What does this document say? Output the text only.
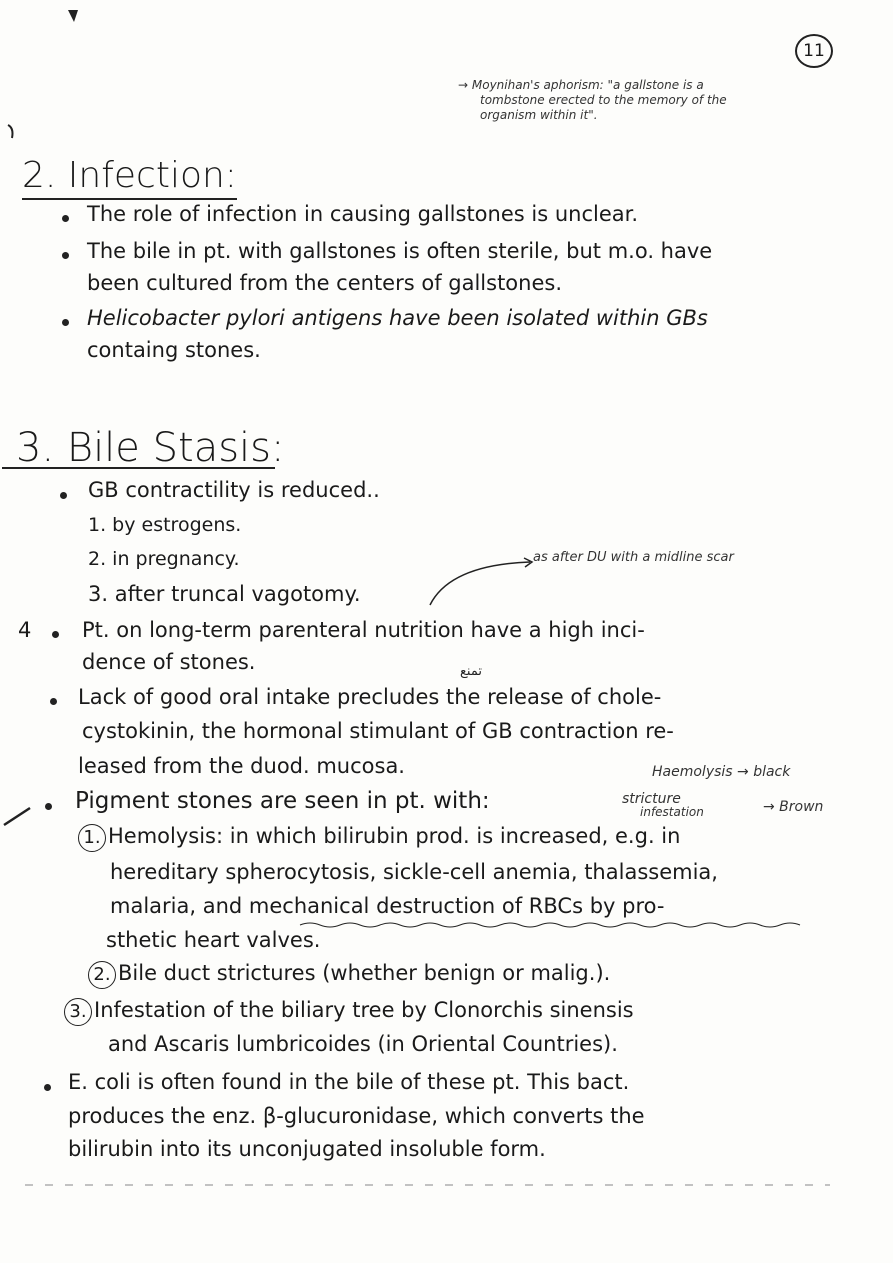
11
→ Moynihan's aphorism: "a gallstone is a
tombstone erected to the memory of the
organism within it".
2. Infection:
The role of infection in causing gallstones is unclear.
The bile in pt. with gallstones is often sterile, but m.o. have
been cultured from the centers of gallstones.
Helicobacter pylori antigens have been isolated within GBs
containg stones.
3. Bile Stasis:
GB contractility is reduced..
1. by estrogens.
2. in pregnancy.	as after DU with a midline scar
3. after truncal vagotomy.
4 Pt. on long-term parenteral nutrition have a high inci-
dence of stones.	تمنع
Lack of good oral intake precludes the release of chole-
cystokinin, the hormonal stimulant of GB contraction re-
leased from the duod. mucosa.	Haemolysis → black
Pigment stones are seen in pt. with:	stricture
infestation	→ Brown
1. Hemolysis: in which bilirubin prod. is increased, e.g. in
hereditary spherocytosis, sickle-cell anemia, thalassemia,
malaria, and mechanical destruction of RBCs by pro-
sthetic heart valves.
2. Bile duct strictures (whether benign or malig.).
3. Infestation of the biliary tree by Clonorchis sinensis
and Ascaris lumbricoides (in Oriental Countries).
E. coli is often found in the bile of these pt. This bact.
produces the enz. β-glucuronidase, which converts the
bilirubin into its unconjugated insoluble form.
